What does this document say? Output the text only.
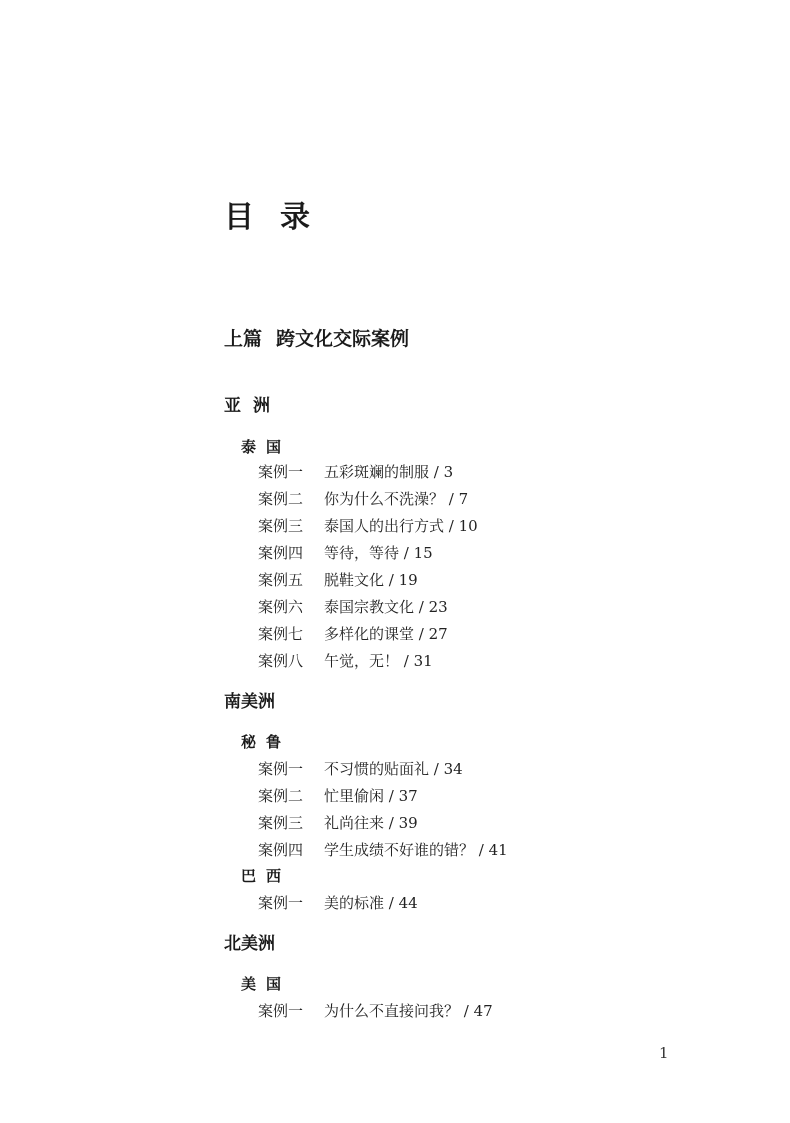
目录
上篇 跨文化交际案例
亚洲
泰国
案例一 五彩斑斓的制服 / 3
案例二 你为什么不洗澡？ / 7
案例三 泰国人的出行方式 / 10
案例四 等待，等待 / 15
案例五 脱鞋文化 / 19
案例六 泰国宗教文化 / 23
案例七 多样化的课堂 / 27
案例八 午觉，无！ / 31
南美洲
秘鲁
案例一 不习惯的贴面礼 / 34
案例二 忙里偷闲 / 37
案例三 礼尚往来 / 39
案例四 学生成绩不好谁的错？ / 41
巴西
案例一 美的标准 / 44
北美洲
美国
案例一 为什么不直接问我？ / 47
1
